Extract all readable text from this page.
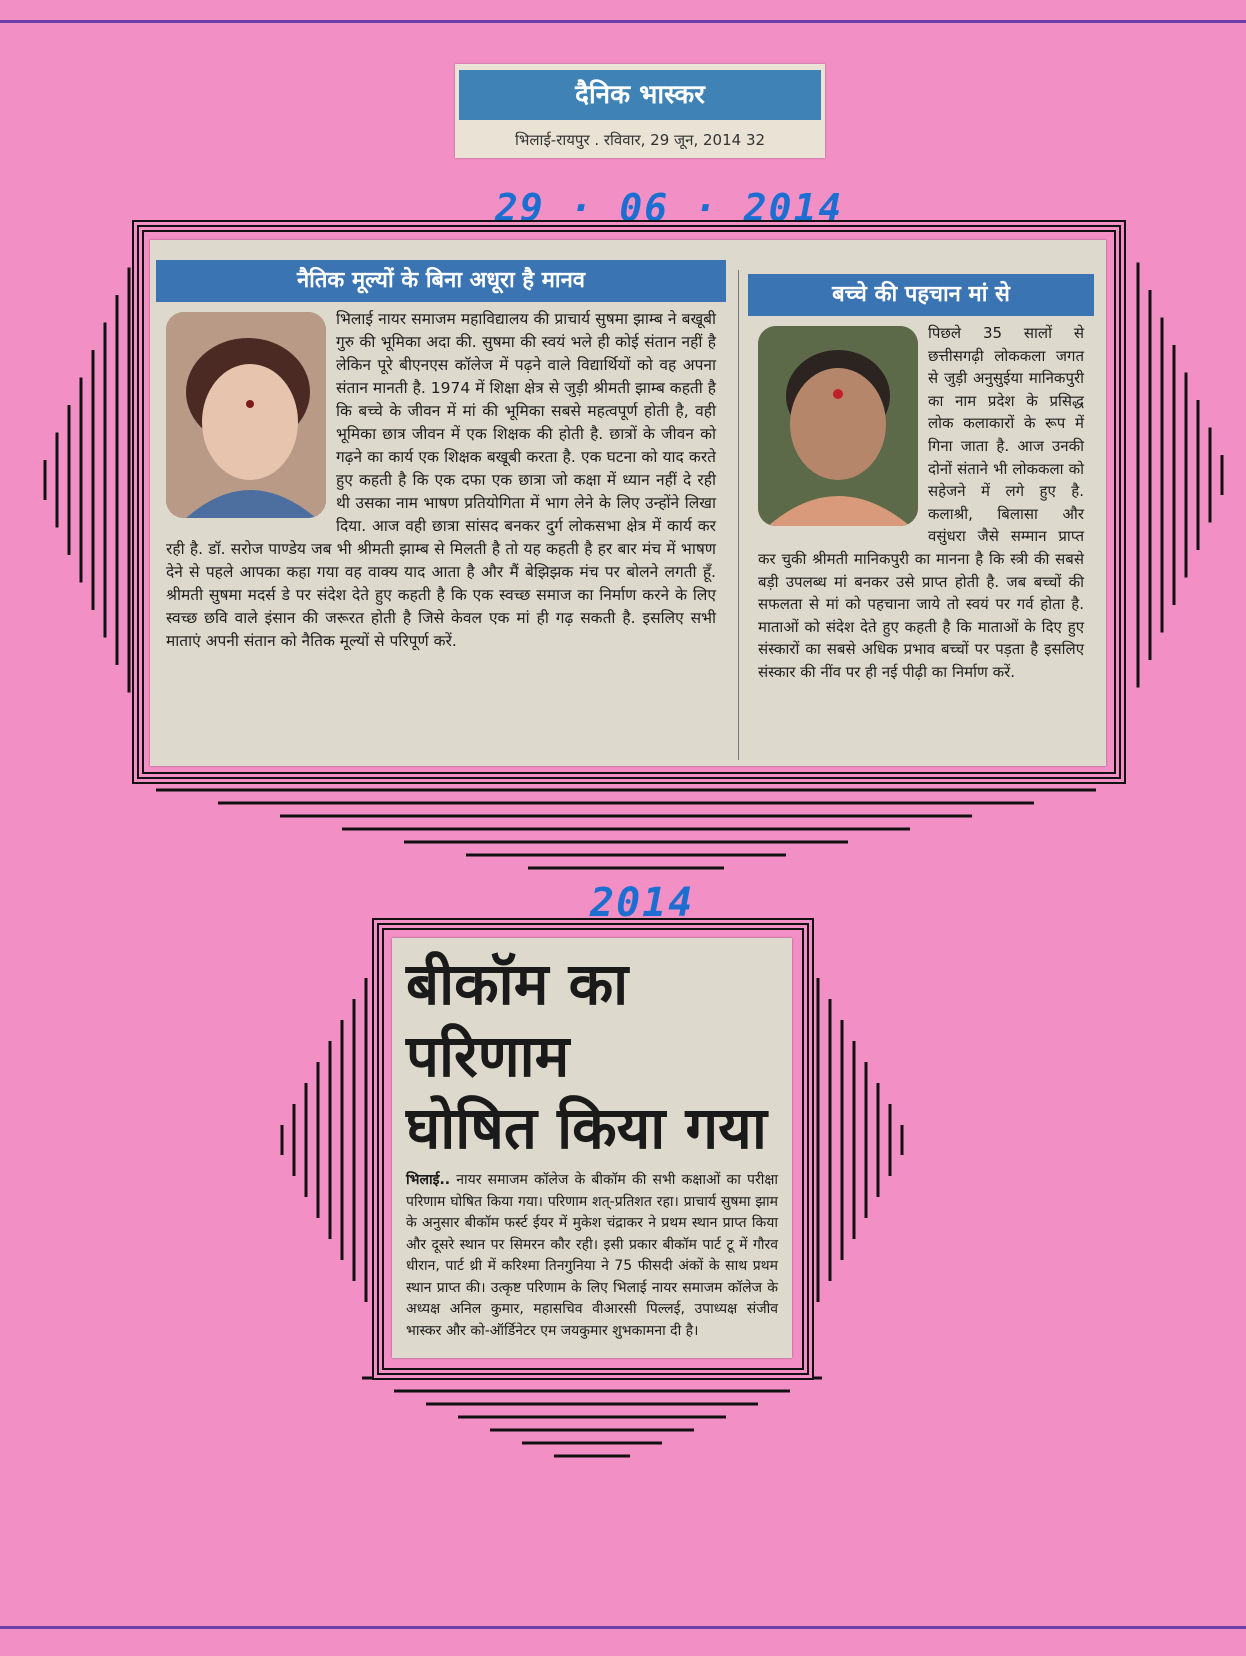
दैनिक भास्कर
भिलाई-रायपुर . रविवार, 29 जून, 2014 32
29 · 06 · 2014
2014
नैतिक मूल्यों के बिना अधूरा है मानव
भिलाई नायर समाजम महाविद्यालय की प्राचार्य सुषमा झाम्ब ने बखूबी गुरु की भूमिका अदा की. सुषमा की स्वयं भले ही कोई संतान नहीं है लेकिन पूरे बीएनएस कॉलेज में पढ़ने वाले विद्यार्थियों को वह अपना संतान मानती है. 1974 में शिक्षा क्षेत्र से जुड़ी श्रीमती झाम्ब कहती है कि बच्चे के जीवन में मां की भूमिका सबसे महत्वपूर्ण होती है, वही भूमिका छात्र जीवन में एक शिक्षक की होती है. छात्रों के जीवन को गढ़ने का कार्य एक शिक्षक बखूबी करता है. एक घटना को याद करते हुए कहती है कि एक दफा एक छात्रा जो कक्षा में ध्यान नहीं दे रही थी उसका नाम भाषण प्रतियोगिता में भाग लेने के लिए उन्होंने लिखा दिया. आज वही छात्रा सांसद बनकर दुर्ग लोकसभा क्षेत्र में कार्य कर रही है. डॉ. सरोज पाण्डेय जब भी श्रीमती झाम्ब से मिलती है तो यह कहती है हर बार मंच में भाषण देने से पहले आपका कहा गया वह वाक्य याद आता है और मैं बेझिझक मंच पर बोलने लगती हूँ. श्रीमती सुषमा मदर्स डे पर संदेश देते हुए कहती है कि एक स्वच्छ समाज का निर्माण करने के लिए स्वच्छ छवि वाले इंसान की जरूरत होती है जिसे केवल एक मां ही गढ़ सकती है. इसलिए सभी माताएं अपनी संतान को नैतिक मूल्यों से परिपूर्ण करें.
बच्चे की पहचान मां से
पिछले 35 सालों से छत्तीसगढ़ी लोककला जगत से जुड़ी अनुसुईया मानिकपुरी का नाम प्रदेश के प्रसिद्ध लोक कलाकारों के रूप में गिना जाता है. आज उनकी दोनों संताने भी लोककला को सहेजने में लगे हुए है. कलाश्री, बिलासा और वसुंधरा जैसे सम्मान प्राप्त कर चुकी श्रीमती मानिकपुरी का मानना है कि स्त्री की सबसे बड़ी उपलब्ध मां बनकर उसे प्राप्त होती है. जब बच्चों की सफलता से मां को पहचाना जाये तो स्वयं पर गर्व होता है. माताओं को संदेश देते हुए कहती है कि माताओं के दिए हुए संस्कारों का सबसे अधिक प्रभाव बच्चों पर पड़ता है इसलिए संस्कार की नींव पर ही नई पीढ़ी का निर्माण करें.
बीकॉम का परिणाम
घोषित किया गया
भिलाई.. नायर समाजम कॉलेज के बीकॉम की सभी कक्षाओं का परीक्षा परिणाम घोषित किया गया। परिणाम शत्-प्रतिशत रहा। प्राचार्य सुषमा झाम के अनुसार बीकॉम फर्स्ट ईयर में मुकेश चंद्राकर ने प्रथम स्थान प्राप्त किया और दूसरे स्थान पर सिमरन कौर रही। इसी प्रकार बीकॉम पार्ट टू में गौरव धीरान, पार्ट थ्री में करिश्मा तिनगुनिया ने 75 फीसदी अंकों के साथ प्रथम स्थान प्राप्त की। उत्कृष्ट परिणाम के लिए भिलाई नायर समाजम कॉलेज के अध्यक्ष अनिल कुमार, महासचिव वीआरसी पिल्लई, उपाध्यक्ष संजीव भास्कर और को-ऑर्डिनेटर एम जयकुमार शुभकामना दी है।
